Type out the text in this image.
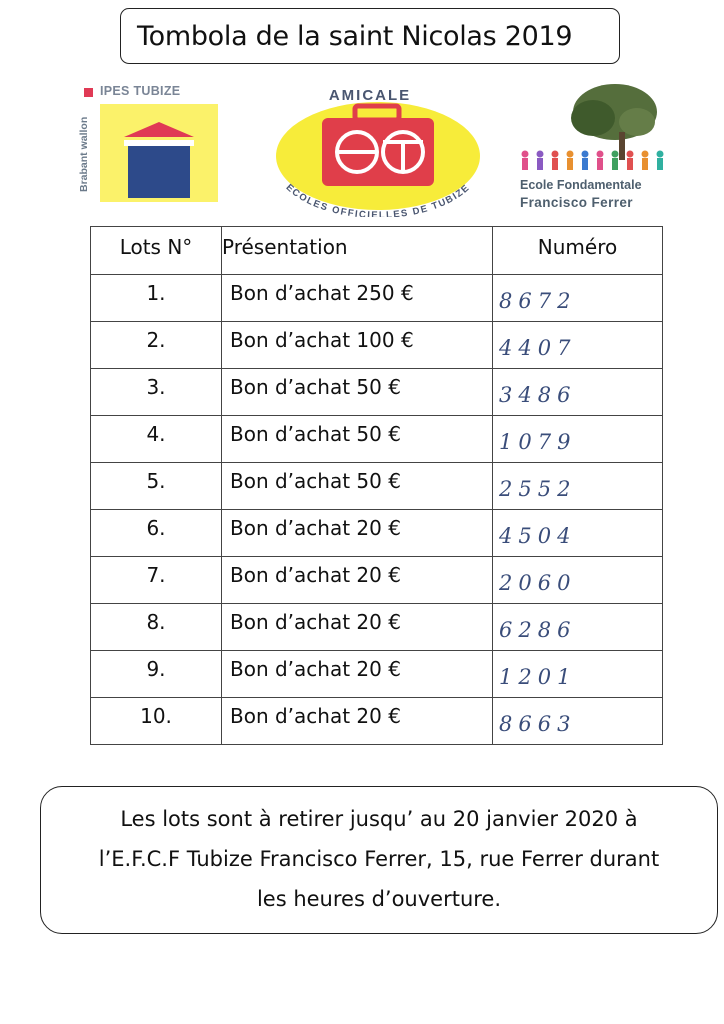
Tombola de la saint Nicolas 2019
IPES TUBIZE
Brabant wallon
AMICALE
ECOLES OFFICIELLES DE TUBIZE	Ecole Fondamentale
Francisco Ferrer
Lots N°	Présentation	Numéro

1.	Bon d’achat 250 €	8672

2.	Bon d’achat 100 €	4407

3.	Bon d’achat 50 €	3486

4.	Bon d’achat 50 €	1079

5.	Bon d’achat 50 €	2552

6.	Bon d’achat 20 €	4504

7.	Bon d’achat 20 €	2060

8.	Bon d’achat 20 €	6286

9.	Bon d’achat 20 €	1201

10.	Bon d’achat 20 €	8663
Les lots sont à retirer jusqu’ au 20 janvier 2020 à
l’E.F.C.F Tubize Francisco Ferrer, 15, rue Ferrer durant
les heures d’ouverture.
